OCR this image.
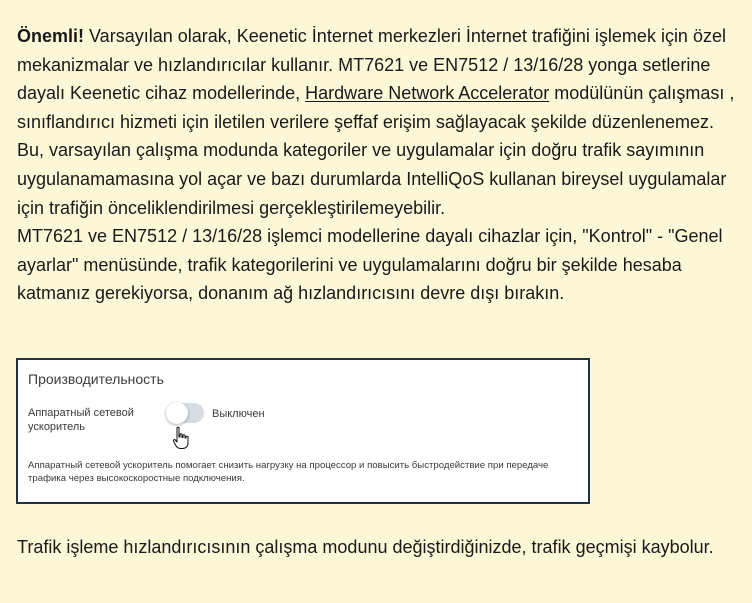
Önemli! Varsayılan olarak, Keenetic İnternet merkezleri İnternet trafiğini işlemek için özel mekanizmalar ve hızlandırıcılar kullanır. MT7621 ve EN7512 / 13/16/28 yonga setlerine dayalı Keenetic cihaz modellerinde, Hardware Network Accelerator modülünün çalışması , sınıflandırıcı hizmeti için iletilen verilere şeffaf erişim sağlayacak şekilde düzenlenemez. Bu, varsayılan çalışma modunda kategoriler ve uygulamalar için doğru trafik sayımının uygulanamamasına yol açar ve bazı durumlarda IntelliQoS kullanan bireysel uygulamalar için trafiğin önceliklendirilmesi gerçekleştirilemeyebilir.

MT7621 ve EN7512 / 13/16/28 işlemci modellerine dayalı cihazlar için, "Kontrol" - "Genel ayarlar" menüsünde, trafik kategorilerini ve uygulamalarını doğru bir şekilde hesaba katmanız gerekiyorsa, donanım ağ hızlandırıcısını devre dışı bırakın.

Производительность
Аппаратный сетевой ускоритель
Выключен
Аппаратный сетевой ускоритель помогает снизить нагрузку на процессор и повысить быстродействие при передаче трафика через высокоскоростные подключения.

Trafik işleme hızlandırıcısının çalışma modunu değiştirdiğinizde, trafik geçmişi kaybolur.
